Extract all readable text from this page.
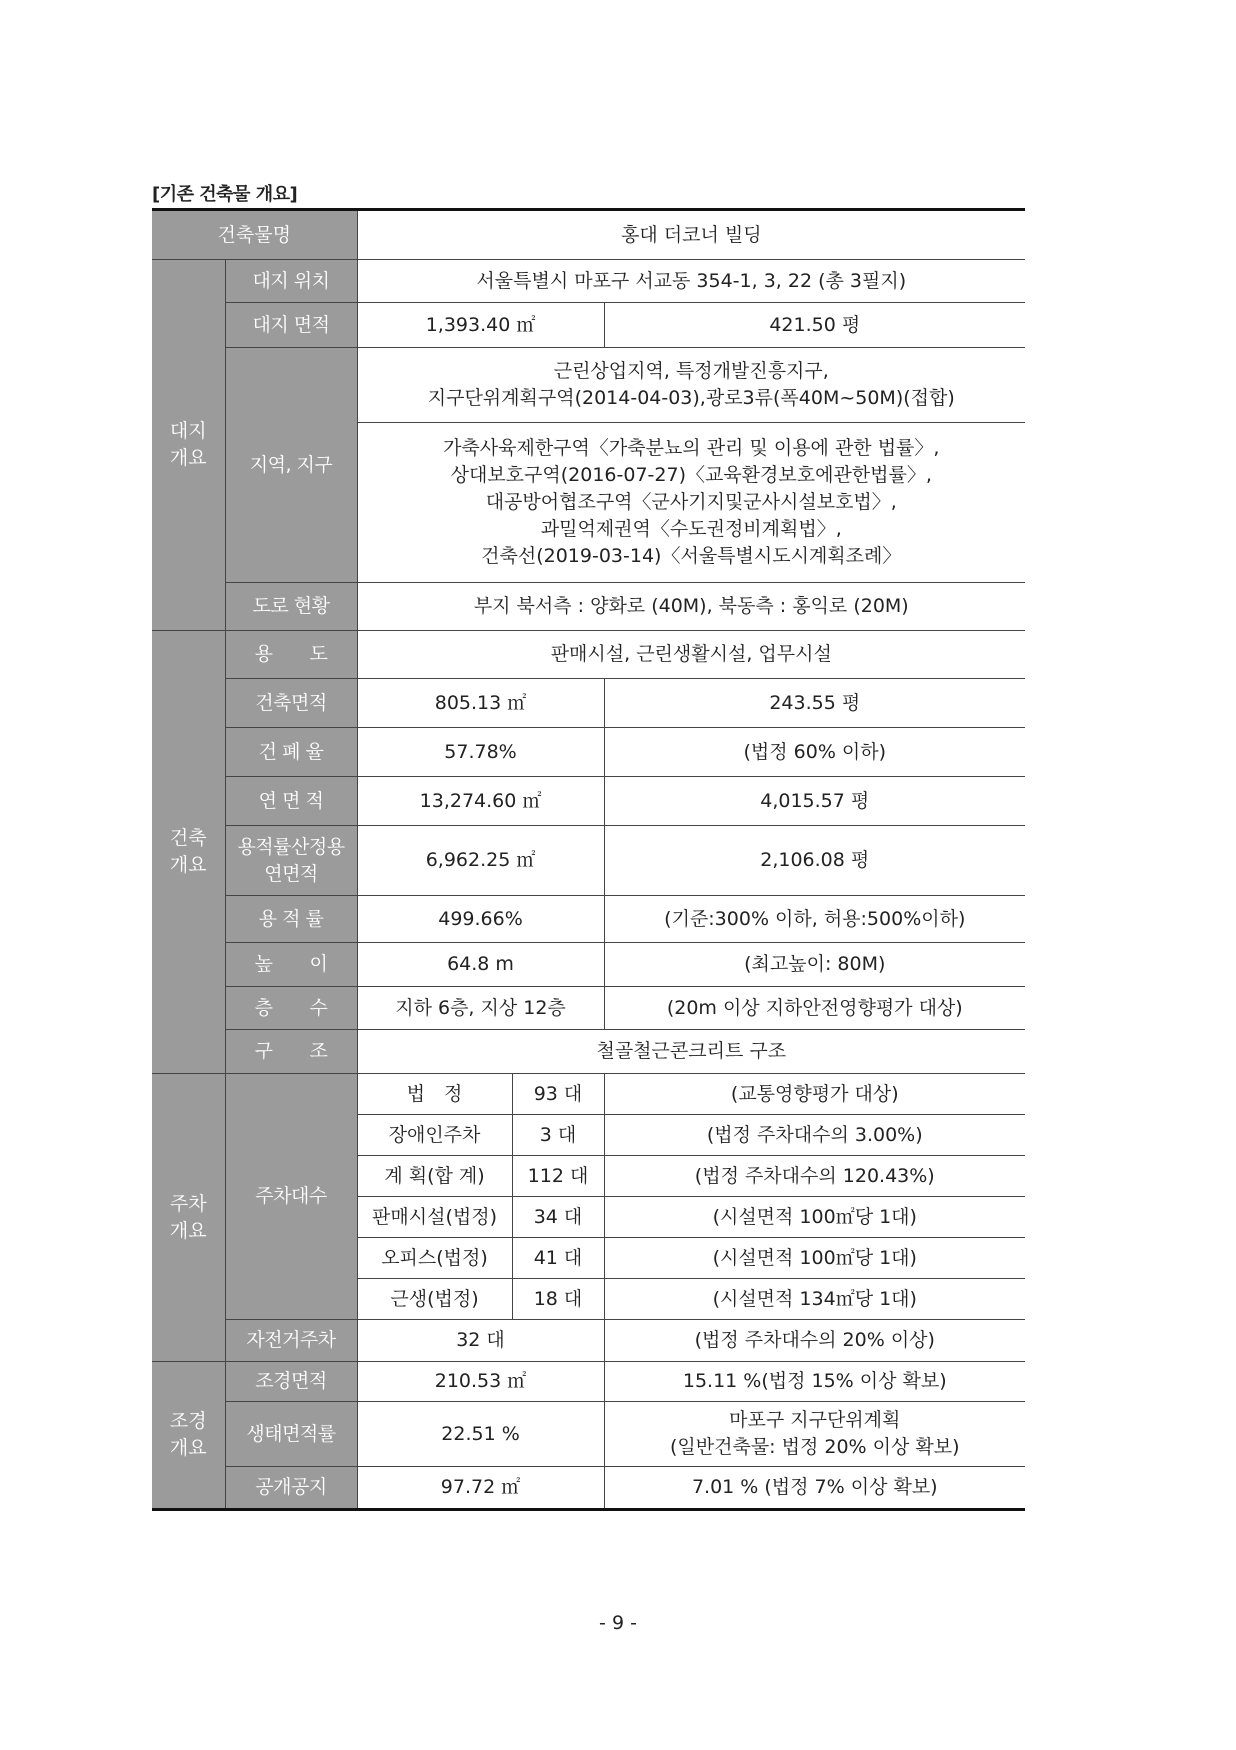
[기존 건축물 개요]
건축물명		홍대 더코너 빌딩		

대지
개요	대지 위치	서울특별시 마포구 서교동 354-1, 3, 22 (총 3필지)		
	대지 면적	1,393.40 ㎡		421.50 평
	지역, 지구	근린상업지역, 특정개발진흥지구,
지구단위계획구역(2014-04-03),광로3류(폭40M~50M)(접합)		

		가축사육제한구역〈가축분뇨의 관리 및 이용에 관한 법률〉,
상대보호구역(2016-07-27)〈교육환경보호에관한법률〉,
대공방어협조구역〈군사기지및군사시설보호법〉,
과밀억제권역〈수도권정비계획법〉,
건축선(2019-03-14)〈서울특별시도시계획조례〉		

	도로 현황	부지 북서측 : 양화로 (40M), 북동측 : 홍익로 (20M)		

건축
개요	용　　도	판매시설, 근린생활시설, 업무시설		
	건축면적	805.13 ㎡		243.55 평
	건 폐 율	57.78%		(법정 60% 이하)
	연 면 적	13,274.60 ㎡		4,015.57 평

	용적률산정용
연면적	6,962.25 ㎡		2,106.08 평
	용 적 률	499.66%		(기준:300% 이하, 허용:500%이하)
	높　　이	64.8 m		(최고높이: 80M)
	층　　수	지하 6층, 지상 12층		(20m 이상 지하안전영향평가 대상)
	구　　조	철골철근콘크리트 구조		

주차
개요	주차대수	법　정	93 대	(교통영향평가 대상)
		장애인주차	3 대	(법정 주차대수의 3.00%)
		계 획(합 계)	112 대	(법정 주차대수의 120.43%)
		판매시설(법정)	34 대	(시설면적 100㎡당 1대)
		오피스(법정)	41 대	(시설면적 100㎡당 1대)
		근생(법정)	18 대	(시설면적 134㎡당 1대)
	자전거주차	32 대		(법정 주차대수의 20% 이상)

조경
개요	조경면적	210.53 ㎡		15.11 %(법정 15% 이상 확보)
	생태면적률	22.51 %		마포구 지구단위계획
(일반건축물: 법정 20% 이상 확보)

	공개공지	97.72 ㎡		7.01 % (법정 7% 이상 확보)
- 9 -
